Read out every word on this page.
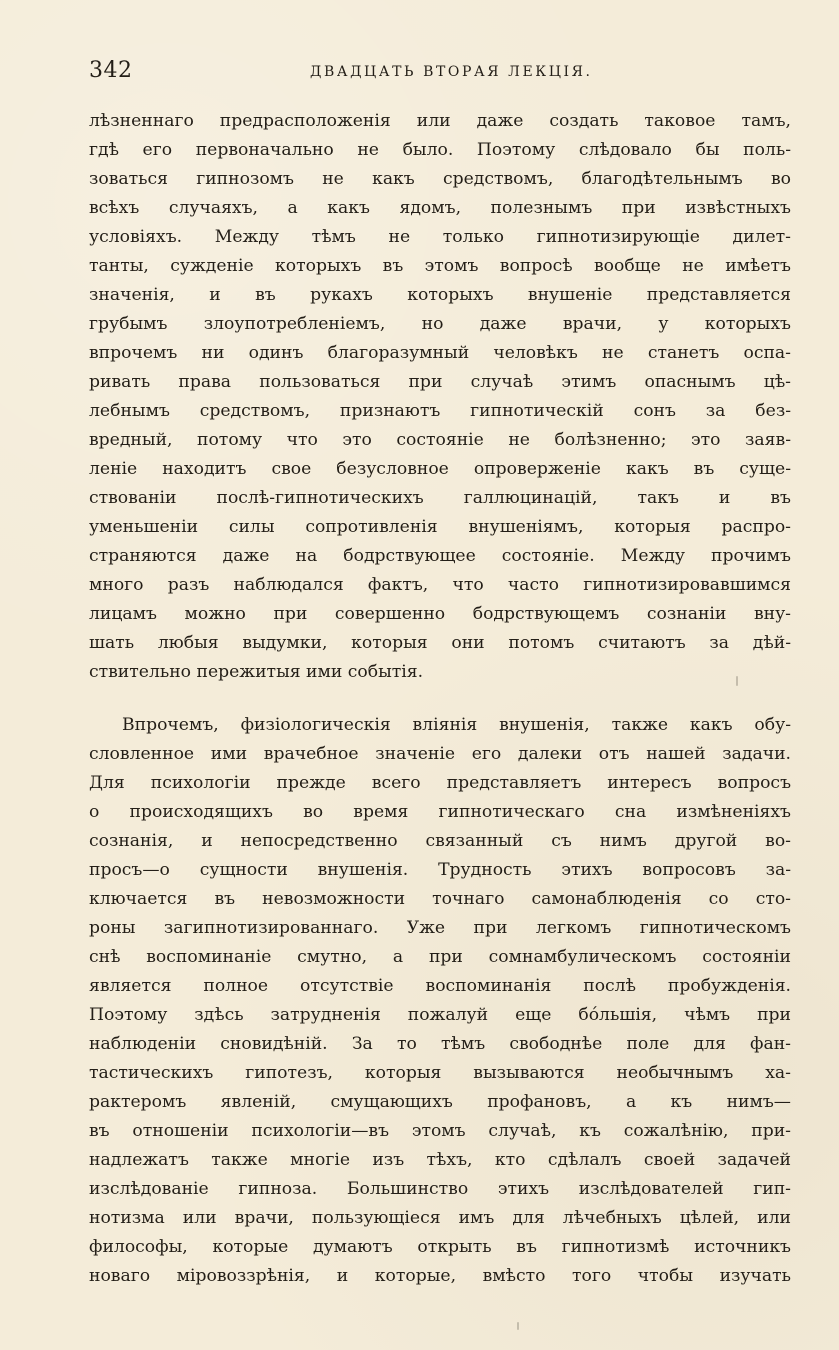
342	ДВАДЦАТЬ ВТОРАЯ ЛЕКЦІЯ.
лѣзненнаго предрасположенія или даже создать таковое тамъ,
гдѣ его первоначально не было. Поэтому слѣдовало бы поль-
зоваться гипнозомъ не какъ средствомъ, благодѣтельнымъ во
всѣхъ случаяхъ, а какъ ядомъ, полезнымъ при извѣстныхъ
условіяхъ. Между тѣмъ не только гипнотизирующіе дилет-
танты, сужденіе которыхъ въ этомъ вопросѣ вообще не имѣетъ
значенія, и въ рукахъ которыхъ внушеніе представляется
грубымъ злоупотребленіемъ, но даже врачи, у которыхъ
впрочемъ ни одинъ благоразумный человѣкъ не станетъ оспа-
ривать права пользоваться при случаѣ этимъ опаснымъ цѣ-
лебнымъ средствомъ, признаютъ гипнотическій сонъ за без-
вредный, потому что это состояніе не болѣзненно; это заяв-
леніе находитъ свое безусловное опроверженіе какъ въ суще-
ствованіи послѣ-гипнотическихъ галлюцинацій, такъ и въ
уменьшеніи силы сопротивленія внушеніямъ, которыя распро-
страняются даже на бодрствующее состояніе. Между прочимъ
много разъ наблюдался фактъ, что часто гипнотизировавшимся
лицамъ можно при совершенно бодрствующемъ сознаніи вну-
шать любыя выдумки, которыя они потомъ считаютъ за дѣй-
ствительно пережитыя ими событія.
Впрочемъ, физіологическія вліянія внушенія, также какъ обу-
словленное ими врачебное значеніе его далеки отъ нашей задачи.
Для психологіи прежде всего представляетъ интересъ вопросъ
о происходящихъ во время гипнотическаго сна измѣненіяхъ
сознанія, и непосредственно связанный съ нимъ другой во-
просъ—о сущности внушенія. Трудность этихъ вопросовъ за-
ключается въ невозможности точнаго самонаблюденія со сто-
роны загипнотизированнаго. Уже при легкомъ гипнотическомъ
снѣ воспоминаніе смутно, а при сомнамбулическомъ состояніи
является полное отсутствіе воспоминанія послѣ пробужденія.
Поэтому здѣсь затрудненія пожалуй еще бóльшія, чѣмъ при
наблюденіи сновидѣній. За то тѣмъ свободнѣе поле для фан-
тастическихъ гипотезъ, которыя вызываются необычнымъ ха-
рактеромъ явленій, смущающихъ профановъ, а къ нимъ—
въ отношеніи психологіи—въ этомъ случаѣ, къ сожалѣнію, при-
надлежатъ также многіе изъ тѣхъ, кто сдѣлалъ своей задачей
изслѣдованіе гипноза. Большинство этихъ изслѣдователей гип-
нотизма или врачи, пользующіеся имъ для лѣчебныхъ цѣлей, или
философы, которые думаютъ открыть въ гипнотизмѣ источникъ
новаго міровоззрѣнія, и которые, вмѣсто того чтобы изучать
